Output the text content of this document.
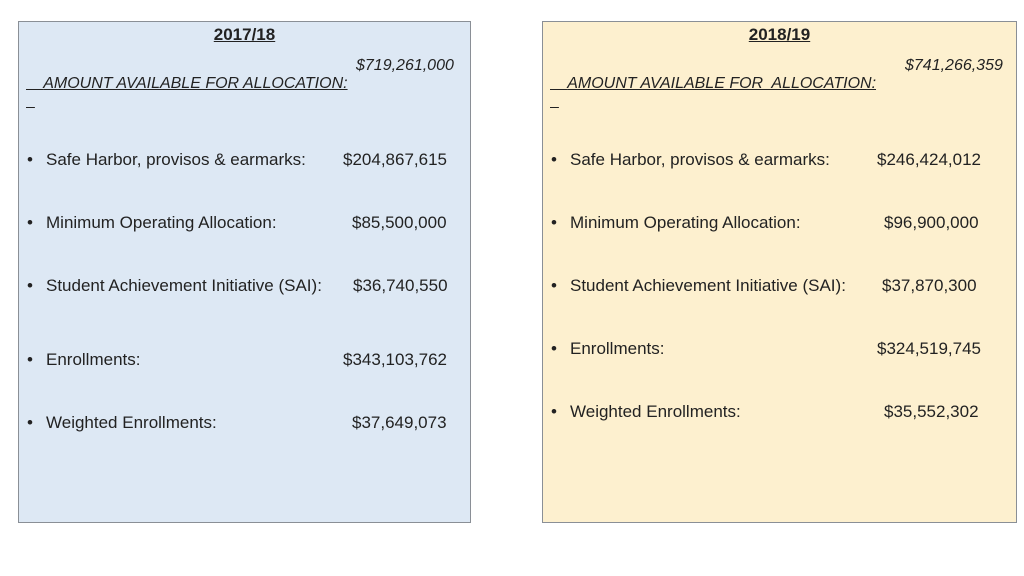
2017/18

AMOUNT AVAILABLE FOR ALLOCATION:
$719,261,000

• Safe Harbor, provisos & earmarks: $204,867,615
• Minimum Operating Allocation:	$85,500,000
• Student Achievement Initiative (SAI): $36,740,550
• Enrollments:	$343,103,762
• Weighted Enrollments:	$37,649,073
2018/19

AMOUNT AVAILABLE FOR  ALLOCATION:
$741,266,359

• Safe Harbor, provisos & earmarks:	$246,424,012
• Minimum Operating Allocation:	$96,900,000
• Student Achievement Initiative (SAI): $37,870,300
• Enrollments:	$324,519,745
• Weighted Enrollments:	$35,552,302
